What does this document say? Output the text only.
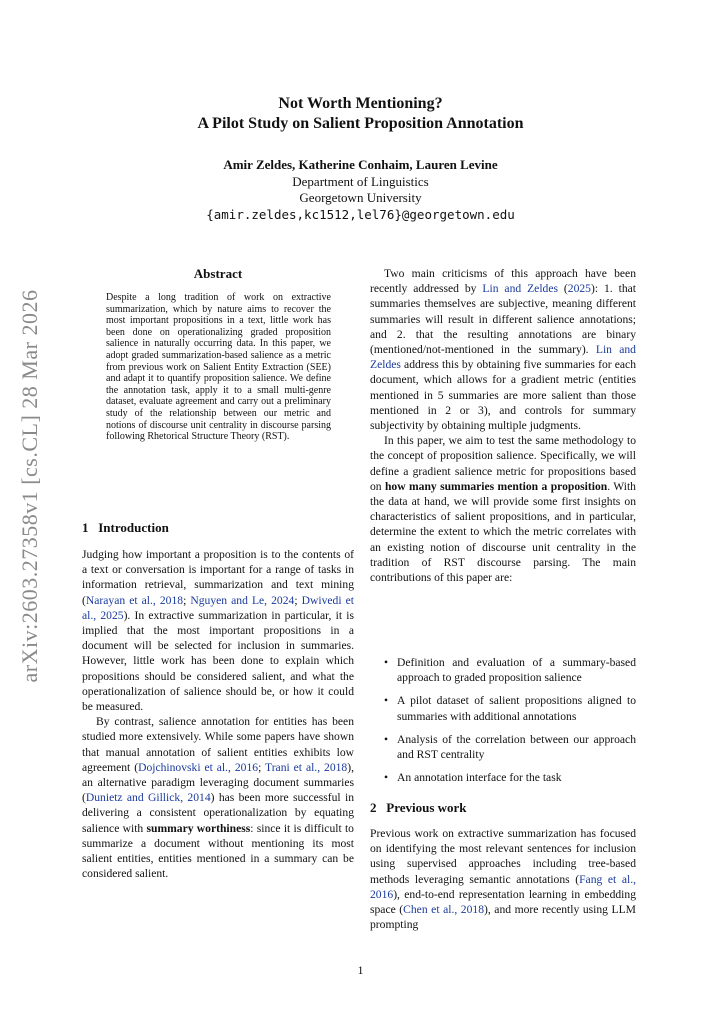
arXiv:2603.27358v1 [cs.CL] 28 Mar 2026
Not Worth Mentioning?
A Pilot Study on Salient Proposition Annotation
Amir Zeldes, Katherine Conhaim, Lauren Levine
Department of Linguistics
Georgetown University
{amir.zeldes,kc1512,lel76}@georgetown.edu
Abstract
Despite a long tradition of work on extractive summarization, which by nature aims to recover the most important propositions in a text, little work has been done on operationalizing graded proposition salience in naturally occurring data. In this paper, we adopt graded summarization-based salience as a metric from previous work on Salient Entity Extraction (SEE) and adapt it to quantify proposition salience. We define the annotation task, apply it to a small multi-genre dataset, evaluate agreement and carry out a preliminary study of the relationship between our metric and notions of discourse unit centrality in discourse parsing following Rhetorical Structure Theory (RST).
1 Introduction

Judging how important a proposition is to the contents of a text or conversation is important for a range of tasks in information retrieval, summarization and text mining (Narayan et al., 2018; Nguyen and Le, 2024; Dwivedi et al., 2025). In extractive summarization in particular, it is implied that the most important propositions in a document will be selected for inclusion in summaries. However, little work has been done to explain which propositions should be considered salient, and what the operationalization of salience should be, or how it could be measured.

By contrast, salience annotation for entities has been studied more extensively. While some papers have shown that manual annotation of salient entities exhibits low agreement (Dojchinovski et al., 2016; Trani et al., 2018), an alternative paradigm leveraging document summaries (Dunietz and Gillick, 2014) has been more successful in delivering a consistent operationalization by equating salience with summary worthiness: since it is difficult to summarize a document without mentioning its most salient entities, entities mentioned in a summary can be considered salient.

Two main criticisms of this approach have been recently addressed by Lin and Zeldes (2025): 1. that summaries themselves are subjective, meaning different summaries will result in different salience annotations; and 2. that the resulting annotations are binary (mentioned/not-mentioned in the summary). Lin and Zeldes address this by obtaining five summaries for each document, which allows for a gradient metric (entities mentioned in 5 summaries are more salient than those mentioned in 2 or 3), and controls for summary subjectivity by obtaining multiple judgments.

In this paper, we aim to test the same methodology to the concept of proposition salience. Specifically, we will define a gradient salience metric for propositions based on how many summaries mention a proposition. With the data at hand, we will provide some first insights on characteristics of salient propositions, and in particular, determine the extent to which the metric correlates with an existing notion of discourse unit centrality in the tradition of RST discourse parsing. The main contributions of this paper are:

• Definition and evaluation of a summary-based approach to graded proposition salience
• A pilot dataset of salient propositions aligned to summaries with additional annotations
• Analysis of the correlation between our approach and RST centrality
• An annotation interface for the task
2 Previous work

Previous work on extractive summarization has focused on identifying the most relevant sentences for inclusion using supervised approaches including tree-based methods leveraging semantic annotations (Fang et al., 2016), end-to-end representation learning in embedding space (Chen et al., 2018), and more recently using LLM prompting

1
